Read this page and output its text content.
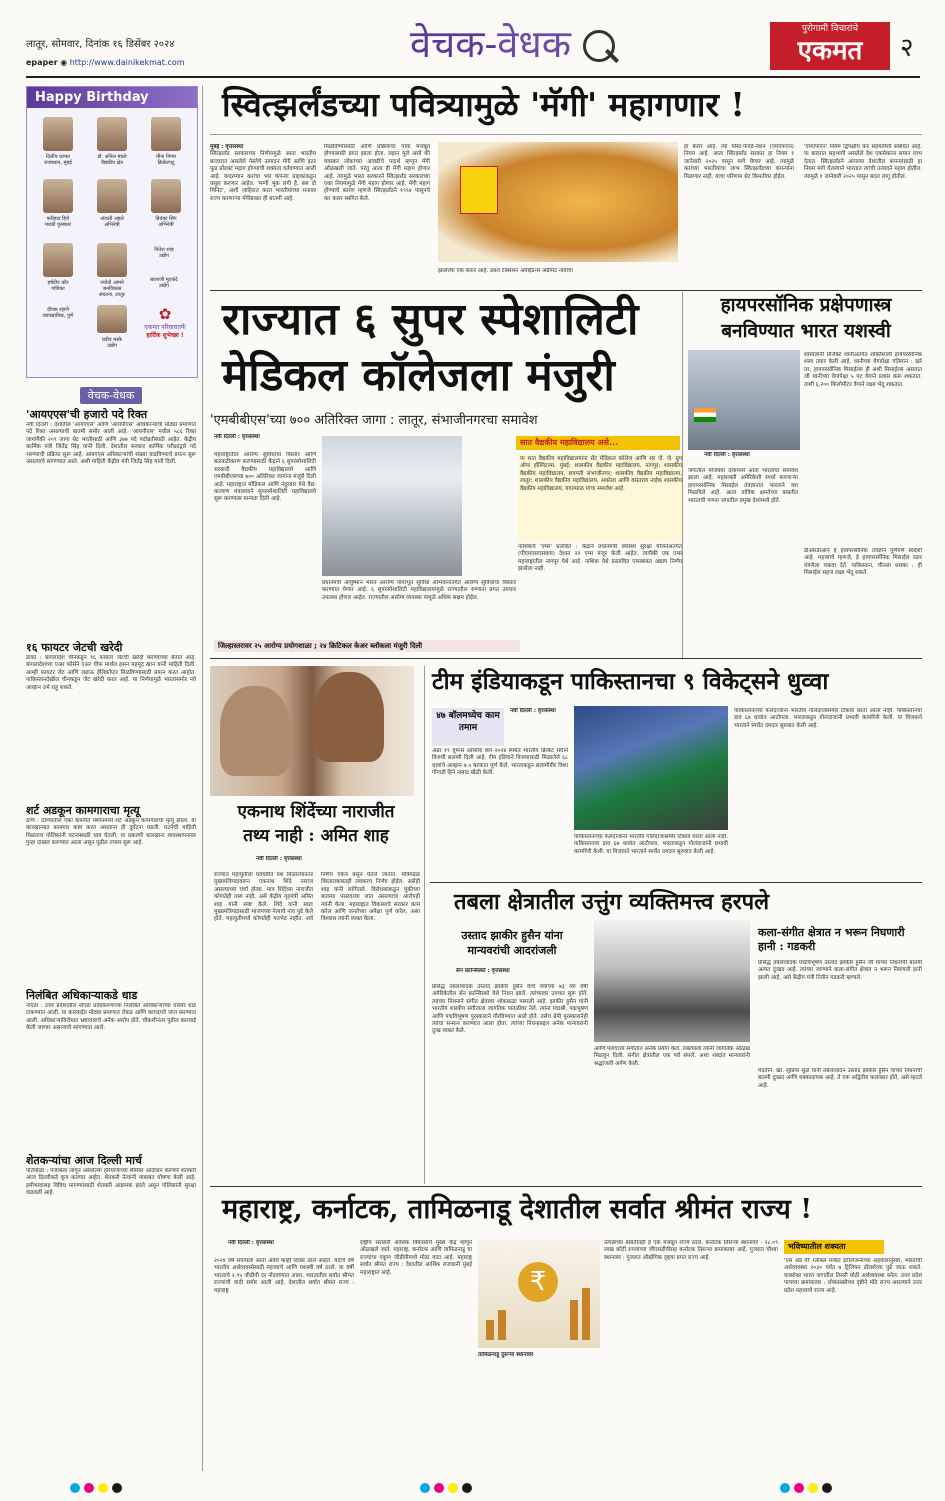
लातूर, सोमवार, दिनांक १६ डिसेंबर २०२४
epaper ◉ http://www.dainikekmat.com	वेचक-वेधक	पुरोगामी विचारांचे
एकमत	२
Happy Birthday
दिलीप धरकर
राजस्थान, मुंबई
डॉ. अनिल मंडले
वैद्यकीय क्षेत्र
मीना निगम
क्रिकेटपटू
फरीहाद हिरो
मराठी पुरस्कार
अंजली अहले
अभिनेत्री
प्रियंका सिंग
अभिनेत्री
हर्षदीप कौर
गायिका
ज्योती आमने
जनविकास
संघटना, लातूर
नितेश शाह
उद्योग
बालाजी मुटकंदे
उद्योग
दीपक रहाणे
व्यावसायिक, पुणे
प्रदीप मस्के
उद्योग
✿
एकमत परिवारातर्फे
हार्दिक शुभेच्छा !
वेचक-वेधक
'आयएएस'ची हजारो पदे रिक्त
नवी दिल्ली : देशातील 'आयएएस' आणि 'आयपीएस' अधिकाऱ्यांची मोठ्या प्रमाणात पदे रिक्त असल्याची बातमी समोर आली आहे. 'आयपीएस' मधील ५८६ रिक्त जागांपैकी २०९ जागा थेट भरतीसाठी आणि ३७७ पदे पदोन्नतीसाठी आहेत. केंद्रीय कार्मिक मंत्री जितेंद्र सिंह यांनी दिली. देशातील सरकार कार्मिक परीक्षांद्वारे पदे भरण्याची प्रक्रिया सुरू आहे. आयएएस अधिकाऱ्यांची संख्या वाढविण्याचे प्रयत्न सुरू असल्याचे सांगण्यात आले. अशी माहिती केंद्रीय मंत्री जितेंद्र सिंह यांनी दिली.
१६ फायटर जेटची खरेदी
ढाका : बांगलादेश चीनकडून १६ फायटर जेटची खरेदी करण्याच्या बेतात आहे. बांगलादेशच्या एअर फोर्सने एअर चीफ मार्शल हसन महमूद खान यांनी माहिती दिली. आम्ही फायटर जेट आणि लढाऊ हेलिकॉप्टर मिळविण्यासाठी प्रयत्न करत आहोत. पाकिस्तानदेखील चीनकडून जेट खरेदी करत आहे. या निर्णयामुळे भारतासमोर नवे आव्हान उभे राहू शकते.
शर्ट अडकून कामगाराचा मृत्यू
ठाणे : ठाण्यातील एका कंपनीत मशीनमध्ये शर्ट अडकून कामगाराचा मृत्यू झाला. या कारखान्यात कामगार काम करत असताना ही दुर्घटना घडली. घटनेची माहिती मिळताच पोलिसांनी घटनास्थळी धाव घेतली. या प्रकरणी कारखाना व्यवस्थापनावर गुन्हा दाखल करण्यात आला असून पुढील तपास सुरू आहे.
निलंबित अधिकाऱ्याकडे धाड
नोएडा : उत्तर प्रदेशातील नोएडा प्राधिकरणाच्या निलंबित अधिकाऱ्याच्या घरावर धाड टाकण्यात आली. या कारवाईत मोठ्या प्रमाणात रोकड आणि कागदपत्रे जप्त करण्यात आली. अधिकाऱ्याविरोधात भ्रष्टाचाराचे अनेक आरोप होते. चौकशीनंतर पुढील कारवाई केली जाणार असल्याचे सांगण्यात आले.
शेतकऱ्यांचा आज दिल्ली मार्च
पतियाळा : पंजाबला लागून असलेल्या हरियाणाच्या सीमेवर आंदोलन करणारे शेतकरी आज दिल्लीकडे कूच करणार आहेत. शेतकरी नेत्यांनी याबाबत घोषणा केली आहे. हमीभावासह विविध मागण्यांसाठी शेतकरी आक्रमक झाले असून पोलिसांनी सुरक्षा वाढवली आहे.
स्वित्झर्लंडच्या पवित्र्यामुळे 'मॅगी' महागणार !
मुंबई : वृत्तसंस्था
स्वित्झर्लंड सरकारच्या निर्णयामुळे आता भारतीय बाजारात असलेले नेस्लेचे उत्पादन मॅगी आणि इतर फूड प्रॉडक्ट महाग होण्याची शक्यता वर्तवण्यात आली आहे. यादरम्यान करांचा भार कंपन्या ग्राहकांकडून वसूल करणार आहेत. 'मग्गी भूक लगी है, बस दो मिनिट', अशी जाहिरात करत भारतीयांच्या मनावर राज्य करणाऱ्या मॅगीबाबत ही बातमी आहे.
मिळविण्यासाठी आणि प्रक्रियाचा पाया मजबूत होण्यासाठी प्राप्त झाला होता. लहान मुले असो की वयस्कर लोकांच्या आवडीचे पदार्थ म्हणून मॅगी ओळखली जाते. परंतु आता ही मॅगी महाग होणार आहे. त्यामुळे भारत सरकारने स्वित्झर्लंड सरकारच्या एका नियमामुळे मॅगी महाग होणार आहे. मॅगी महाग होण्याचे कारण म्हणजे स्वित्झर्लंडने १९९४ पासूनचे कर करार स्थगित केले.
झालेल्या एक करार आहे. डबल टॅक्सेशन अवॉईडन्स ॲग्रीमेंट नावाचा
हा करार आहे. त्या मोस्ट-फेवर्ड-नेशन (एमएफएन) नियम आहे. आता स्वित्झर्लंड सरकार हा नियम १ जानेवारी २०२५ पासून मागे घेणार आहे. त्यामुळे करांच्या भारतीयांचा लाभ स्वित्झर्लंडच्या कंपन्यांना मिळणार नाही. याचा परिणाम थेट किमतीवर होईल.
'एमएफएन' नियम द्विपक्षीय कर सहमतीशी संबंधित आहे. या करारात सहभागी असलेले देश एकमेकांना समान लाभ देतात. स्वित्झर्लंडने आपल्या देशातील कंपन्यांसाठी हा नियम मागे घेतल्याने भारतात त्यांची उत्पादने महाग होतील. त्यामुळे १ जानेवारी २०२५ पासून बदल लागू होतील.
राज्यात ६ सुपर स्पेशालिटी
मेडिकल कॉलेजला मंजुरी
'एमबीबीएस'च्या ७०० अतिरिक्त जागा : लातूर, संभाजीनगरचा समावेश
नवी दिल्ली : वृत्तसंस्था
महाराष्ट्रातील आरोग्य सुविधांचा विस्तार आणि बळकटीकरण करण्यासाठी केंद्राने ६ सुपरस्पेशालिटी सरकारी वैद्यकीय महाविद्यालये आणि एमबीबीएसच्या ७०० अतिरिक्त जागांना मंजुरी दिली आहे. महाराष्ट्रात मॉडिकल आणि नंदुरबार येथे वैद्य-कल्याण मंत्रालयाने सुपरस्पेशालिटी महाविद्यालये सुरू करण्यास मान्यता दिली आहे.
प्रधानमंत्री आयुष्मान भारत आरोग्य पायाभूत सुविधा अभियानांतर्गत आरोग्य सुविधांचा विस्तार करण्यात येणार आहे. ६ सुपरस्पेशालिटी महाविद्यालयांमुळे राज्यातील रुग्णांना प्रगत उपचार उपलब्ध होणार आहेत. राज्यातील आरोग्य व्यवस्था यामुळे अधिक सक्षम होईल.
जिल्हास्तरावर २५ आरोग्य प्रयोगशाळा ; २४ क्रिटिकल केअर ब्लॉकला मंजुरी दिली
सात वैद्यकीय महाविद्यालय असे...
या सात वैद्यकीय महाविद्यालयांना सेंट मेडिकल कॉलेज आणि सर जे. जे. ग्रुप ऑफ हॉस्पिटल्स, मुंबई; शासकीय वैद्यकीय महाविद्यालय, नागपूर; शासकीय वैद्यकीय महाविद्यालय, छत्रपती संभाजीनगर; शासकीय वैद्यकीय महाविद्यालय, लातूर; शासकीय वैद्यकीय महाविद्यालय, अकोला आणि वसंतराव नाईक शासकीय वैद्यकीय महाविद्यालय, यवतमाळ यांचा समावेश आहे.
नाशिकचे 'एम्स' प्रलंबित : केंद्राने प्रधानमंत्री स्वास्थ्य सुरक्षा योजनेअंतर्गत (पीएमएसएसवाय) देशात २२ एम्स मंजूर केली आहेत. त्यापैकी एक एम्स महाराष्ट्रातील नागपूर येथे आहे. नाशिक येथे प्रस्तावित एम्सबाबत अद्याप निर्णय झालेला नाही.
हायपरसॉनिक प्रक्षेपणास्त्र
बनविण्यात भारत यशस्वी
शास्त्रज्ञांनी प्रोजेक्ट ध्वनीअंतर्गत शक्तिशाली हायपरसॉनिक शस्त्र तयार केली आहे. ध्वनीच्या वेगापेक्षा गतिमान : खरे तर, हायपरसॉनिक मिसाईल्स ही अशी मिसाईल्स असतात जी ध्वनीच्या वेगापेक्षा ५ पट वेगाने प्रवास करू शकतात. ताशी ६,२०० किलोमीटर वेगाने लक्ष्य भेदू शकतात.
नवी दिल्ली : वृत्तसंस्था
जगातील मोजक्या देशांमध्ये आता भारताचा समावेश झाला आहे. महाशक्ती अमेरिकेशी स्पर्धा करणाऱ्या हायपरसॉनिक मिसाईल तंत्रज्ञानात भारताने यश मिळविले आहे. आता तांत्रिक क्षमतेच्या बाबतीत भारताची गणना जगातील प्रमुख देशांमध्ये होते.
डीआरडीओने हे हायपरसॉनिक तंत्रज्ञान पूर्णपणे स्वदेशी आहे. महत्त्वाचे म्हणजे, हे हायपरसॉनिक मिसाईल रडार यंत्रणेला चकवा देते. पाकिस्तान, चीनला धसका : ही मिसाईल सहज लक्ष्य भेदू शकते.
एकनाथ शिंदेंच्या नाराजीत
तथ्य नाही : अमित शाह
नवी दिल्ली : वृत्तसंस्था
राज्यात महायुतीला घवघवीत यश मिळाल्यानंतर मुख्यमंत्रिपदावरून एकनाथ शिंदे नाराज असल्याच्या चर्चा होत्या. मात्र शिंदेंच्या नाराजीत कोणतेही तथ्य नाही, असे केंद्रीय गृहमंत्री अमित शाह यांनी स्पष्ट केले. शिंदे यांनी स्वतः मुख्यमंत्रिपदासाठी भाजपच्या नेत्याचे नाव पुढे केले होते. महायुतीमध्ये कोणतेही मतभेद नाहीत. सर्व निर्णय एकत्र बसून घेतले जातात. मंत्रिमंडळ विस्ताराबाबतही लवकरच निर्णय होईल, असेही शाह यांनी सांगितले. विरोधकांकडून चुकीच्या बातम्या पसरवल्या जात असल्याचा आरोपही त्यांनी केला. महाराष्ट्रात विकासाचे सरकार काम करेल आणि जनतेच्या अपेक्षा पूर्ण करेल, असा विश्वास त्यांनी व्यक्त केला.
टीम इंडियाकडून पाकिस्तानचा ९ विकेट्सने धुव्वा
४७ बॉलमध्येच काम तमाम
नवी दिल्ली : वृत्तसंस्था
अंडर १९ वूमन्स आशिया कप २०२४ स्पर्धेत भारतीय क्रिकेट संघाने विजयी सलामी दिली आहे. टीम इंडियाने विजयासाठी मिळालेले ६८ धावांचे आव्हान ७.५ षटकात पूर्ण केले. भारताकडून सलामीवीर त्रिशा गोंगाडी हिने नाबाद खेळी केली.
पाकिस्तानाच्या फलंदाजांना भारतीय गोलंदाजांसमोर टिकाव धरता आला नाही. पाकिस्तानचा डाव ६७ धावांत आटोपला. भारताकडून गोलंदाजांनी प्रभावी कामगिरी केली. या विजयाने भारताने स्पर्धेत दमदार सुरुवात केली आहे.
पाकिस्तानाच्या फलंदाजांना भारतीय गोलंदाजांसमोर टिकाव धरता आला नाही. पाकिस्तानचा डाव ६७ धावांत आटोपला. भारताकडून गोलंदाजांनी प्रभावी कामगिरी केली. या विजयाने भारताने स्पर्धेत दमदार सुरुवात केली आहे.
तबला क्षेत्रातील उत्तुंग व्यक्तिमत्त्व हरपले
उस्ताद झाकीर हुसैन यांना
मान्यवरांची आदरांजली
सॅन फ्रान्सिस्को : वृत्तसंस्था
प्रसिद्ध तबलावादक उस्ताद झाकीर हुसैन यांचे वयाच्या ७३ व्या वर्षी अमेरिकेतील सॅन फ्रान्सिस्को येथे निधन झाले. त्यांच्यावर उपचार सुरू होते. त्यांच्या निधनाने संगीत क्षेत्रावर शोककळा पसरली आहे. झाकीर हुसैन यांनी भारतीय शास्त्रीय संगीताला जागतिक पातळीवर नेले. त्यांना पद्मश्री, पद्मभूषण आणि पद्मविभूषण पुरस्काराने गौरविण्यात आले होते. तसेच ग्रॅमी पुरस्कारानेही त्यांचा सन्मान करण्यात आला होता. त्यांच्या निधनाबद्दल अनेक मान्यवरांनी दुःख व्यक्त केले.
आणि पाश्चात्त्य संगीतात अनेक प्रयोग केले. तबल्याला त्यांनी जागतिक ओळख मिळवून दिली. संगीत क्षेत्रातील एक पर्व संपले, अशा शब्दांत मान्यवरांनी श्रद्धांजली अर्पण केली.
कला-संगीत क्षेत्रात न भरून निघणारी हानी : गडकरी
प्रसिद्ध तबलावादक पद्मविभूषण उस्ताद झाकीर हुसैन जी यांच्या निधनाची बातमी अत्यंत दुःखद आहे. त्यांच्या जाण्याने कला-संगीत क्षेत्रात न भरून निघणारी हानी झाली आहे, असे केंद्रीय मंत्री नितीन गडकरी म्हणाले.
मदतीने. खा. सुप्रिया सुळे यांनी तबलावादन उस्ताद झाकीर हुसैन यांच्या निधनाची बातमी दुःखद आणि धक्कादायक आहे. ते एक अद्वितीय कलाकार होते, असे म्हटले आहे.
महाराष्ट्र, कर्नाटक, तामिळनाडू देशातील सर्वात श्रीमंत राज्य !
नवी दिल्ली : वृत्तसंस्था
२०२४ वर्ष संपायला आता अवघे काही दिवस उरले आहेत. यंदाचे वर्ष भारतीय अर्थव्यवस्थेसाठी महत्त्वाचे आणि यशस्वी वर्ष ठरले. या वर्षी भारताचे २.९५ जीडीपी दर नोंदवण्यात आला. भारतातील सर्वात श्रीमंत राज्यांची यादी समोर आली आहे. देशातील सर्वात श्रीमंत राज्य : महाराष्ट्र
राष्ट्रीय सरासरी आर्थिक विकासाचे मुख्य केंद्र म्हणून ओळखले जाते. महाराष्ट्र, कर्नाटक आणि तामिळनाडू या राज्यांचा एकूण जीडीपीमध्ये मोठा वाटा आहे. महाराष्ट्र सर्वात श्रीमंत राज्य : देशातील आर्थिक राजधानी मुंबई महाराष्ट्रात आहे.	₹
तामिळनाडू दुसऱ्या स्थानावर
उत्पन्नाच्या बाबतीतही हे एक मजबूत राज्य ठरले. कर्नाटक तिसऱ्या स्थानावर : २८.०९ लाख कोटी रुपयांच्या जीएसडीपीसह कर्नाटक तिसऱ्या क्रमांकावर आहे. गुजरात चौथ्या स्थानावर : गुजरात औद्योगिक दृष्ट्या प्रगत राज्य आहे.
भविष्यातील शक्यता
'एस ॲंड पी' ग्लोबल मार्केट इंटेलिजन्सच्या अहवालानुसार, भारताची अर्थव्यवस्था २०३० पर्यंत ७ ट्रिलियन डॉलर्सच्या पुढे जाऊ शकते. याबरोबर भारत जगातील तिसरी मोठी अर्थव्यवस्था बनेल. उत्तर प्रदेश पाचव्या क्रमांकावर : लोकसंख्येच्या दृष्टीने मोठे राज्य असल्याने उत्तर प्रदेश महत्त्वाचे राज्य आहे.
